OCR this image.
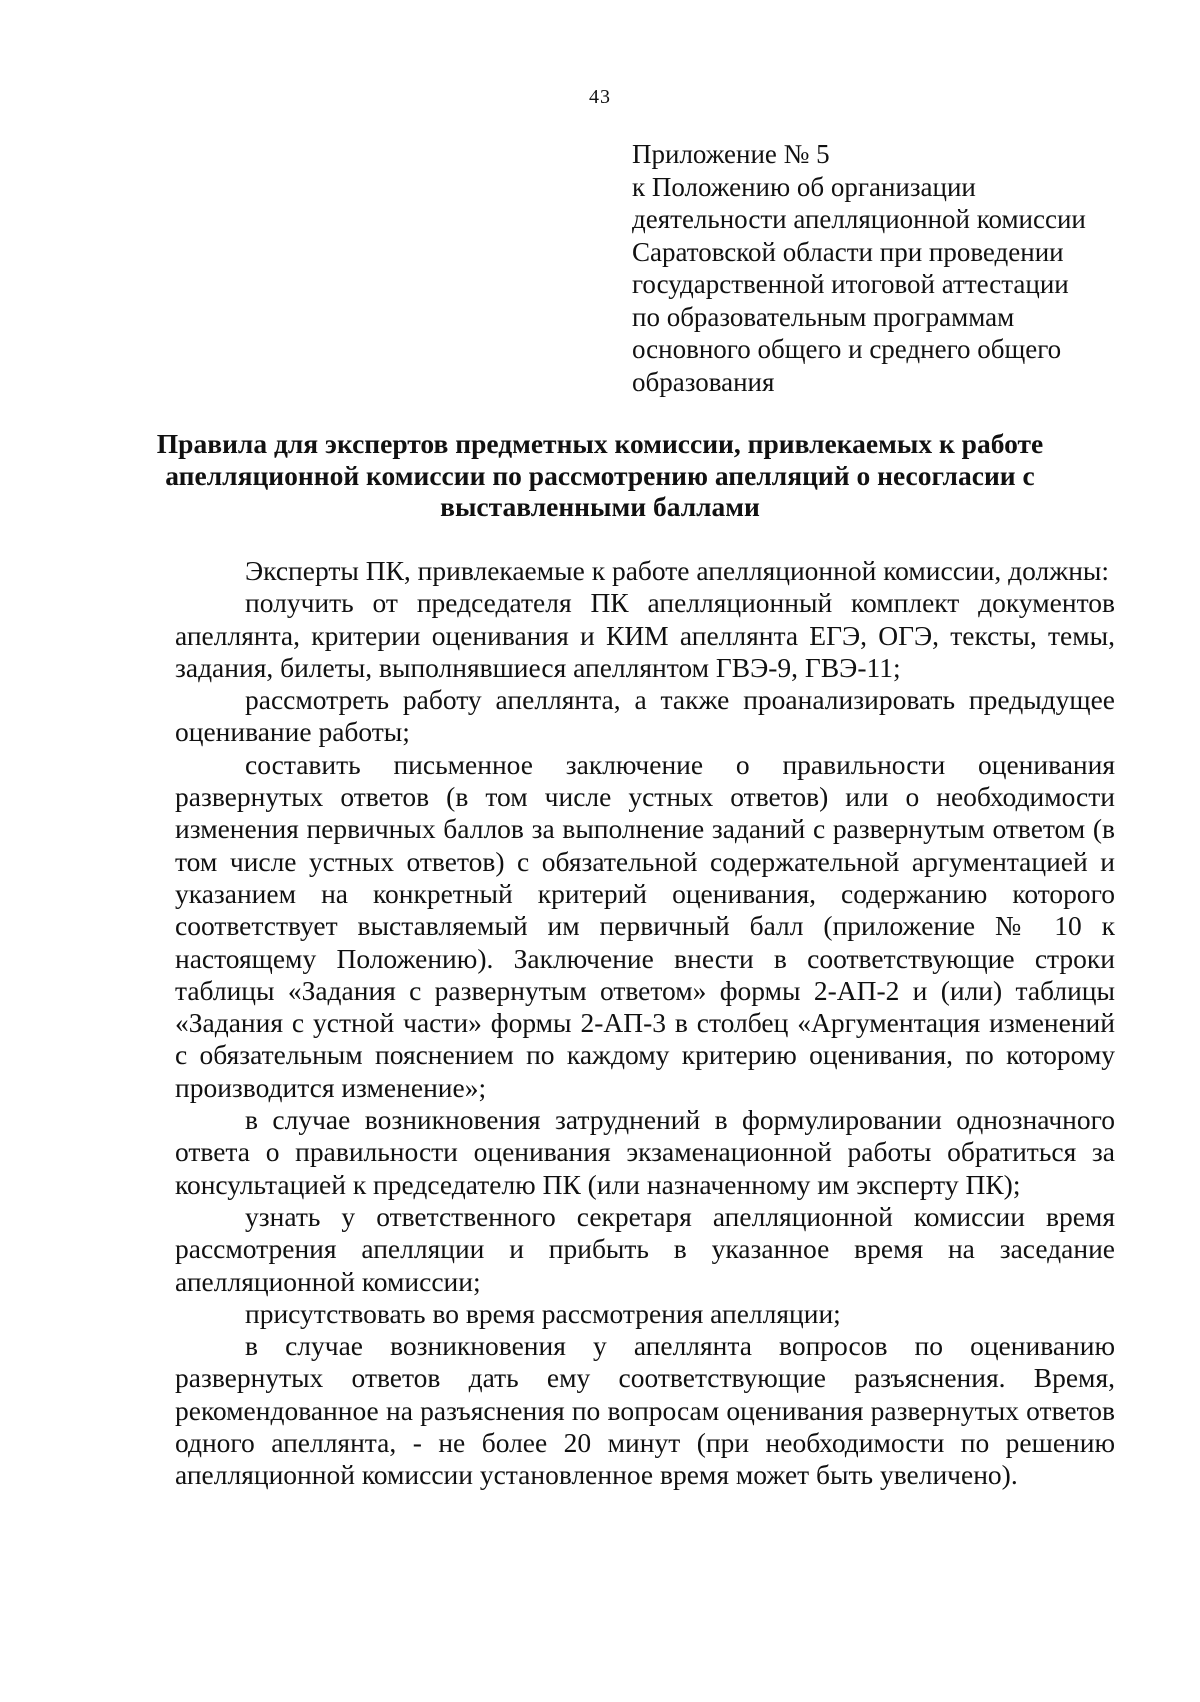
43
Приложение № 5
к Положению об организации
деятельности апелляционной комиссии
Саратовской области при проведении
государственной итоговой аттестации
по образовательным программам
основного общего и среднего общего
образования
Правила для экспертов предметных комиссии, привлекаемых к работе
апелляционной комиссии по рассмотрению апелляций о несогласии с
выставленными баллами

Эксперты ПК, привлекаемые к работе апелляционной комиссии, должны:

получить от председателя ПК апелляционный комплект документов апеллянта, критерии оценивания и КИМ апеллянта ЕГЭ, ОГЭ, тексты, темы, задания, билеты, выполнявшиеся апеллянтом ГВЭ-9, ГВЭ-11;

рассмотреть работу апеллянта, а также проанализировать предыдущее оценивание работы;

составить письменное заключение о правильности оценивания развернутых ответов (в том числе устных ответов) или о необходимости изменения первичных баллов за выполнение заданий с развернутым ответом (в том числе устных ответов) с обязательной содержательной аргументацией и указанием на конкретный критерий оценивания, содержанию которого соответствует выставляемый им первичный балл (приложение № 10 к настоящему Положению). Заключение внести в соответствующие строки таблицы «Задания с развернутым ответом» формы 2-АП-2 и (или) таблицы «Задания с устной части» формы 2-АП-3 в столбец «Аргументация изменений с обязательным пояснением по каждому критерию оценивания, по которому производится изменение»;

в случае возникновения затруднений в формулировании однозначного ответа о правильности оценивания экзаменационной работы обратиться за консультацией к председателю ПК (или назначенному им эксперту ПК);

узнать у ответственного секретаря апелляционной комиссии время рассмотрения апелляции и прибыть в указанное время на заседание апелляционной комиссии;

присутствовать во время рассмотрения апелляции;

в случае возникновения у апеллянта вопросов по оцениванию развернутых ответов дать ему соответствующие разъяснения. Время, рекомендованное на разъяснения по вопросам оценивания развернутых ответов одного апеллянта, - не более 20 минут (при необходимости по решению апелляционной комиссии установленное время может быть увеличено).
